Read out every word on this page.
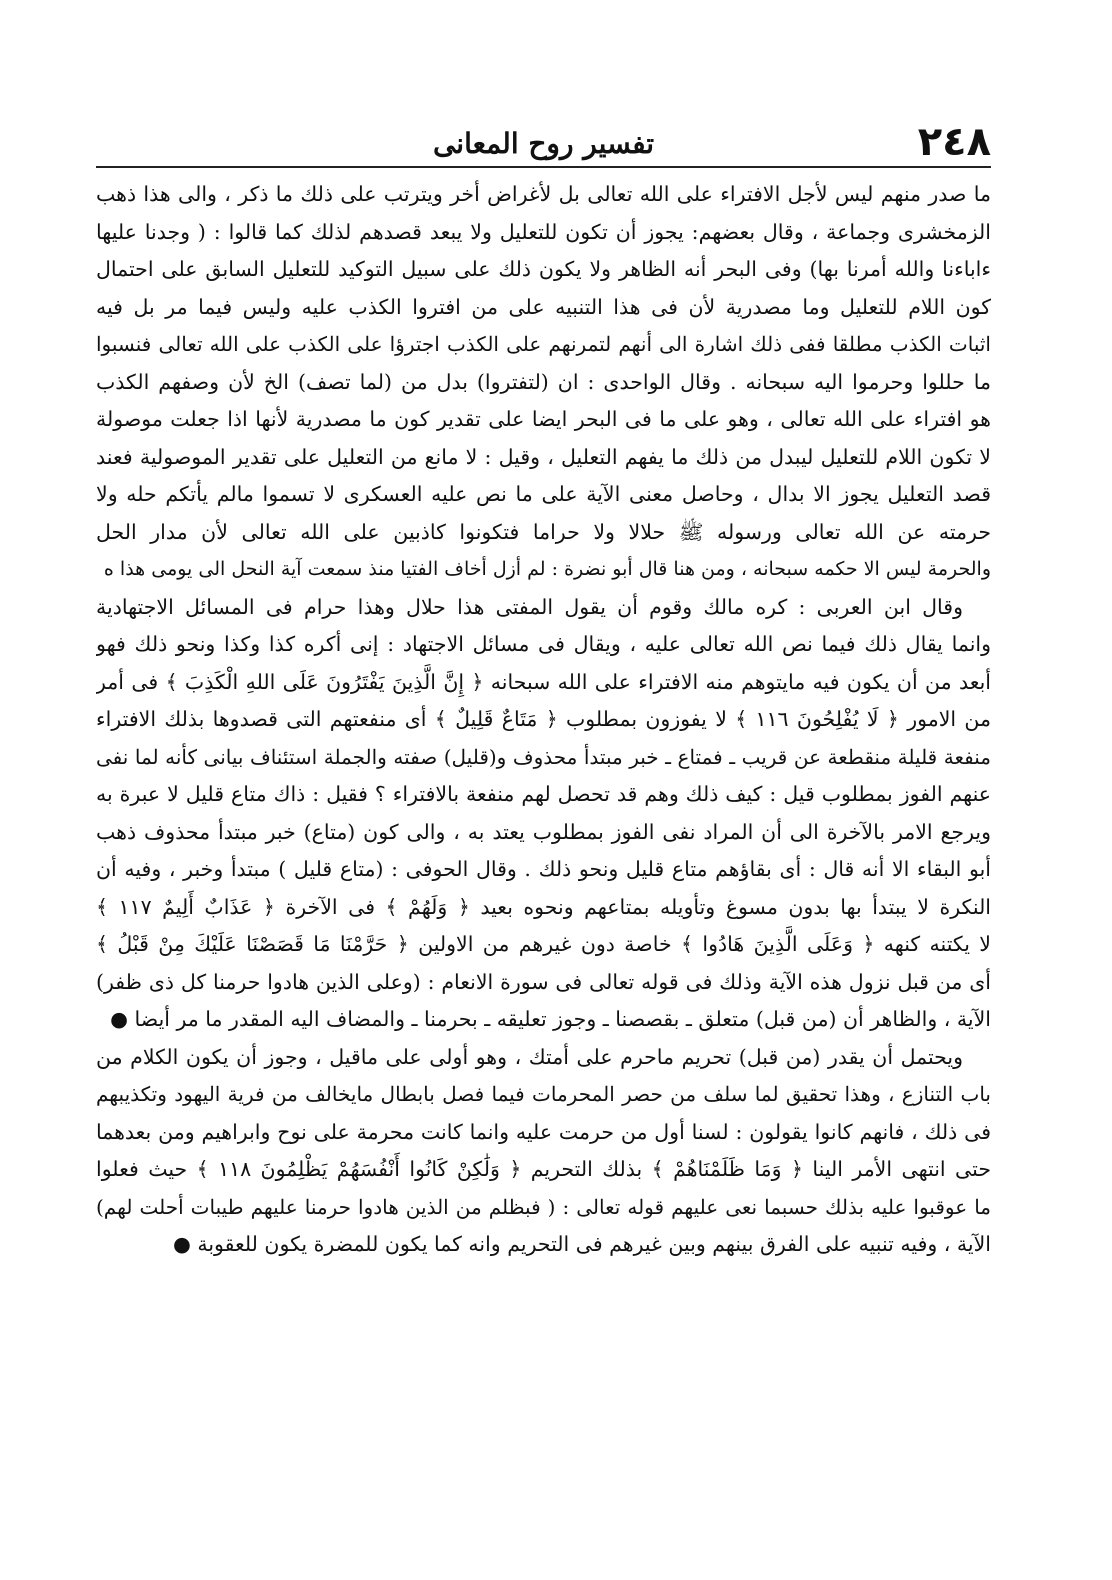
٢٤٨
تفسير روح المعانى
ما صدر منهم ليس لأجل الافتراء على الله تعالى بل لأغراض أخر ويترتب على ذلك ما ذكر ، والى هذا ذهب
الزمخشرى وجماعة ، وقال بعضهم: يجوز أن تكون للتعليل ولا يبعد قصدهم لذلك كما قالوا : ( وجدنا عليها
ءاباءنا والله أمرنا بها) وفى البحر أنه الظاهر ولا يكون ذلك على سبيل التوكيد للتعليل السابق على احتمال
كون اللام للتعليل وما مصدرية لأن فى هذا التنبيه على من افتروا الكذب عليه وليس فيما مر بل فيه
اثبات الكذب مطلقا ففى ذلك اشارة الى أنهم لتمرنهم على الكذب اجترؤا على الكذب على الله تعالى فنسبوا
ما حللوا وحرموا اليه سبحانه . وقال الواحدى : ان (لتفتروا) بدل من (لما تصف) الخ لأن وصفهم الكذب
هو افتراء على الله تعالى ، وهو على ما فى البحر ايضا على تقدير كون ما مصدرية لأنها اذا جعلت موصولة
لا تكون اللام للتعليل ليبدل من ذلك ما يفهم التعليل ، وقيل : لا مانع من التعليل على تقدير الموصولية فعند
قصد التعليل يجوز الا بدال ، وحاصل معنى الآية على ما نص عليه العسكرى لا تسموا مالم يأتكم حله ولا
حرمته عن الله تعالى ورسوله ﷺ حلالا ولا حراما فتكونوا كاذبين على الله تعالى لأن مدار الحل
والحرمة ليس الا حكمه سبحانه ، ومن هنا قال أبو نضرة : لم أزل أخاف الفتيا منذ سمعت آية النحل الى يومى هذا ه
وقال ابن العربى : كره مالك وقوم أن يقول المفتى هذا حلال وهذا حرام فى المسائل الاجتهادية
وانما يقال ذلك فيما نص الله تعالى عليه ، ويقال فى مسائل الاجتهاد : إنى أكره كذا وكذا ونحو ذلك فهو
أبعد من أن يكون فيه مايتوهم منه الافتراء على الله سبحانه ﴿ إِنَّ الَّذِينَ يَفْتَرُونَ عَلَى اللهِ الْكَذِبَ ﴾ فى أمر
من الامور ﴿ لَا يُفْلِحُونَ ١١٦ ﴾ لا يفوزون بمطلوب ﴿ مَتَاعٌ قَلِيلٌ ﴾ أى منفعتهم التى قصدوها بذلك الافتراء
منفعة قليلة منقطعة عن قريب ـ فمتاع ـ خبر مبتدأ محذوف و(قليل) صفته والجملة استئناف بيانى كأنه لما نفى
عنهم الفوز بمطلوب قيل : كيف ذلك وهم قد تحصل لهم منفعة بالافتراء ؟ فقيل : ذاك متاع قليل لا عبرة به
ويرجع الامر بالآخرة الى أن المراد نفى الفوز بمطلوب يعتد به ، والى كون (متاع) خبر مبتدأ محذوف ذهب
أبو البقاء الا أنه قال : أى بقاؤهم متاع قليل ونحو ذلك . وقال الحوفى : (متاع قليل ) مبتدأ وخبر ، وفيه أن
النكرة لا يبتدأ بها بدون مسوغ وتأويله بمتاعهم ونحوه بعيد ﴿ وَلَهُمْ ﴾ فى الآخرة ﴿ عَذَابٌ أَلِيمٌ ١١٧ ﴾
لا يكتنه كنهه ﴿ وَعَلَى الَّذِينَ هَادُوا ﴾ خاصة دون غيرهم من الاولين ﴿ حَرَّمْنَا مَا قَصَصْنَا عَلَيْكَ مِنْ قَبْلُ ﴾
أى من قبل نزول هذه الآية وذلك فى قوله تعالى فى سورة الانعام : (وعلى الذين هادوا حرمنا كل ذى ظفر)
الآية ، والظاهر أن (من قبل) متعلق ـ بقصصنا ـ وجوز تعليقه ـ بحرمنا ـ والمضاف اليه المقدر ما مر أيضا ●
ويحتمل أن يقدر (من قبل) تحريم ماحرم على أمتك ، وهو أولى على ماقيل ، وجوز أن يكون الكلام من
باب التنازع ، وهذا تحقيق لما سلف من حصر المحرمات فيما فصل بابطال مايخالف من فرية اليهود وتكذيبهم
فى ذلك ، فانهم كانوا يقولون : لسنا أول من حرمت عليه وانما كانت محرمة على نوح وابراهيم ومن بعدهما
حتى انتهى الأمر الينا ﴿ وَمَا ظَلَمْنَاهُمْ ﴾ بذلك التحريم ﴿ وَلَٰكِنْ كَانُوا أَنْفُسَهُمْ يَظْلِمُونَ ١١٨ ﴾ حيث فعلوا
ما عوقبوا عليه بذلك حسبما نعى عليهم قوله تعالى : ( فبظلم من الذين هادوا حرمنا عليهم طيبات أحلت لهم)
الآية ، وفيه تنبيه على الفرق بينهم وبين غيرهم فى التحريم وانه كما يكون للمضرة يكون للعقوبة ●
